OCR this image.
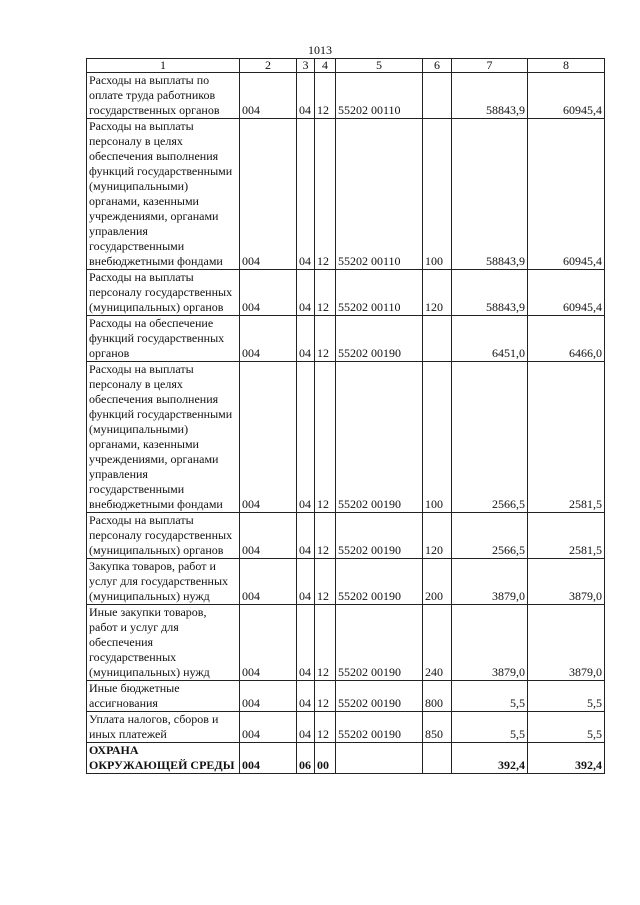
1013
1	2	3	4	5	6	7	8
Расходы на выплаты по оплате труда работников государственных органов	004	04	12	55202 00110		58843,9	60945,4
Расходы на выплаты персоналу в целях обеспечения выполнения функций государственными (муниципальными) органами, казенными учреждениями, органами управления государственными внебюджетными фондами	004	04	12	55202 00110	100	58843,9	60945,4
Расходы на выплаты персоналу государственных (муниципальных) органов	004	04	12	55202 00110	120	58843,9	60945,4
Расходы на обеспечение функций государственных органов	004	04	12	55202 00190		6451,0	6466,0
Расходы на выплаты персоналу в целях обеспечения выполнения функций государственными (муниципальными) органами, казенными учреждениями, органами управления государственными внебюджетными фондами	004	04	12	55202 00190	100	2566,5	2581,5
Расходы на выплаты персоналу государственных (муниципальных) органов	004	04	12	55202 00190	120	2566,5	2581,5
Закупка товаров, работ и услуг для государственных (муниципальных) нужд	004	04	12	55202 00190	200	3879,0	3879,0
Иные закупки товаров, работ и услуг для обеспечения государственных (муниципальных) нужд	004	04	12	55202 00190	240	3879,0	3879,0
Иные бюджетные ассигнования	004	04	12	55202 00190	800	5,5	5,5
Уплата налогов, сборов и иных платежей	004	04	12	55202 00190	850	5,5	5,5
ОХРАНА ОКРУЖАЮЩЕЙ СРЕДЫ	004	06	00			392,4	392,4
